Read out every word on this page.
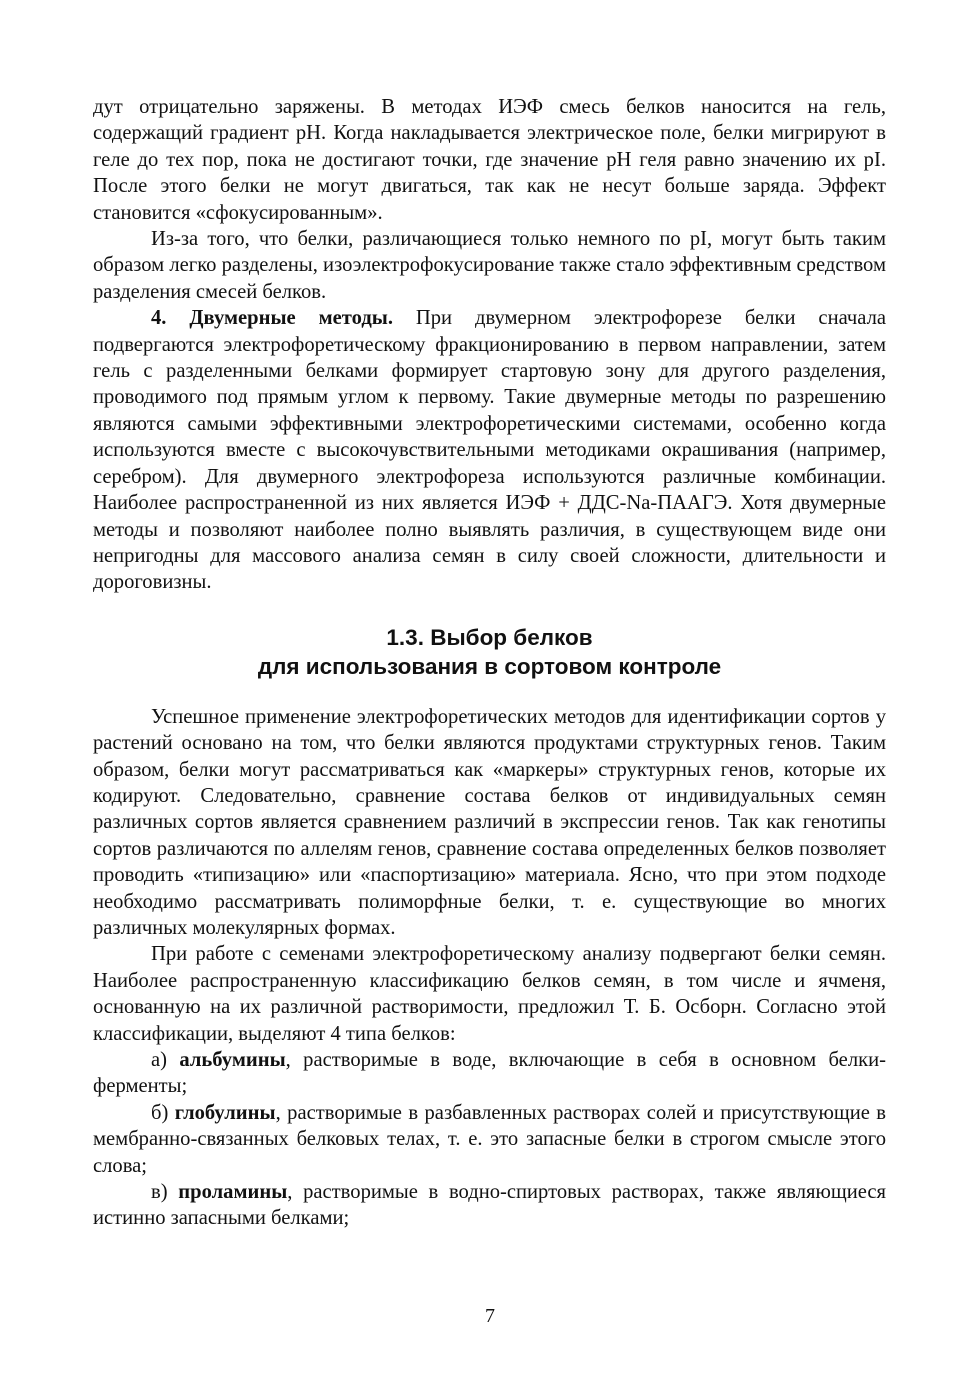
дут отрицательно заряжены. В методах ИЭФ смесь белков наносится на гель, содержащий градиент pH. Когда накладывается электрическое поле, белки мигрируют в геле до тех пор, пока не достигают точки, где значение pH геля равно значению их pI. После этого белки не могут двигаться, так как не несут больше заряда. Эффект становится «сфокусированным».

Из-за того, что белки, различающиеся только немного по pI, могут быть таким образом легко разделены, изоэлектрофокусирование также стало эффективным средством разделения смесей белков.

4. Двумерные методы. При двумерном электрофорезе белки сначала подвергаются электрофоретическому фракционированию в первом направлении, затем гель с разделенными белками формирует стартовую зону для другого разделения, проводимого под прямым углом к первому. Такие двумерные методы по разрешению являются самыми эффективными электрофоретическими системами, особенно когда используются вместе с высокочувствительными методиками окрашивания (например, серебром). Для двумерного электрофореза используются различные комбинации. Наиболее распространенной из них является ИЭФ + ДДС-Na-ПААГЭ. Хотя двумерные методы и позволяют наиболее полно выявлять различия, в существующем виде они непригодны для массового анализа семян в силу своей сложности, длительности и дороговизны.

1.3. Выбор белков
для использования в сортовом контроле

Успешное применение электрофоретических методов для идентификации сортов у растений основано на том, что белки являются продуктами структурных генов. Таким образом, белки могут рассматриваться как «маркеры» структурных генов, которые их кодируют. Следовательно, сравнение состава белков от индивидуальных семян различных сортов является сравнением различий в экспрессии генов. Так как генотипы сортов различаются по аллелям генов, сравнение состава определенных белков позволяет проводить «типизацию» или «паспортизацию» материала. Ясно, что при этом подходе необходимо рассматривать полиморфные белки, т. е. существующие во многих различных молекулярных формах.

При работе с семенами электрофоретическому анализу подвергают белки семян. Наиболее распространенную классификацию белков семян, в том числе и ячменя, основанную на их различной растворимости, предложил Т. Б. Осборн. Согласно этой классификации, выделяют 4 типа белков:

а) альбумины, растворимые в воде, включающие в себя в основном белки-ферменты;

б) глобулины, растворимые в разбавленных растворах солей и присутствующие в мембранно-связанных белковых телах, т. е. это запасные белки в строгом смысле этого слова;

в) проламины, растворимые в водно-спиртовых растворах, также являющиеся истинно запасными белками;

7
